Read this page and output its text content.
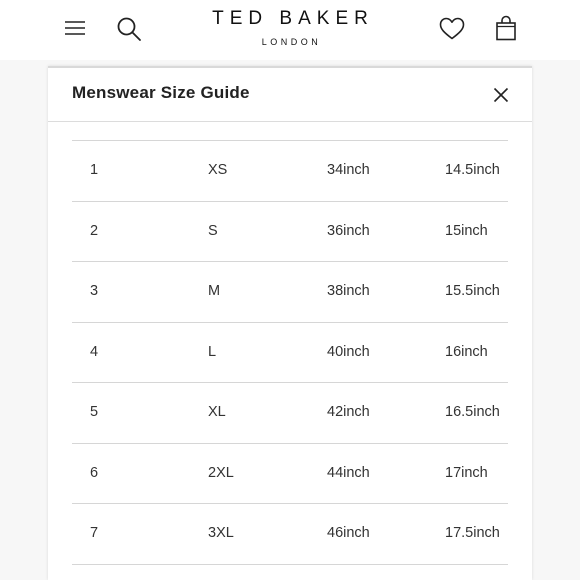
TED BAKER
LONDON
Menswear Size Guide
1	XS	34inch	14.5inch
2	S	36inch	15inch
3	M	38inch	15.5inch
4	L	40inch	16inch
5	XL	42inch	16.5inch
6	2XL	44inch	17inch
7	3XL	46inch	17.5inch
